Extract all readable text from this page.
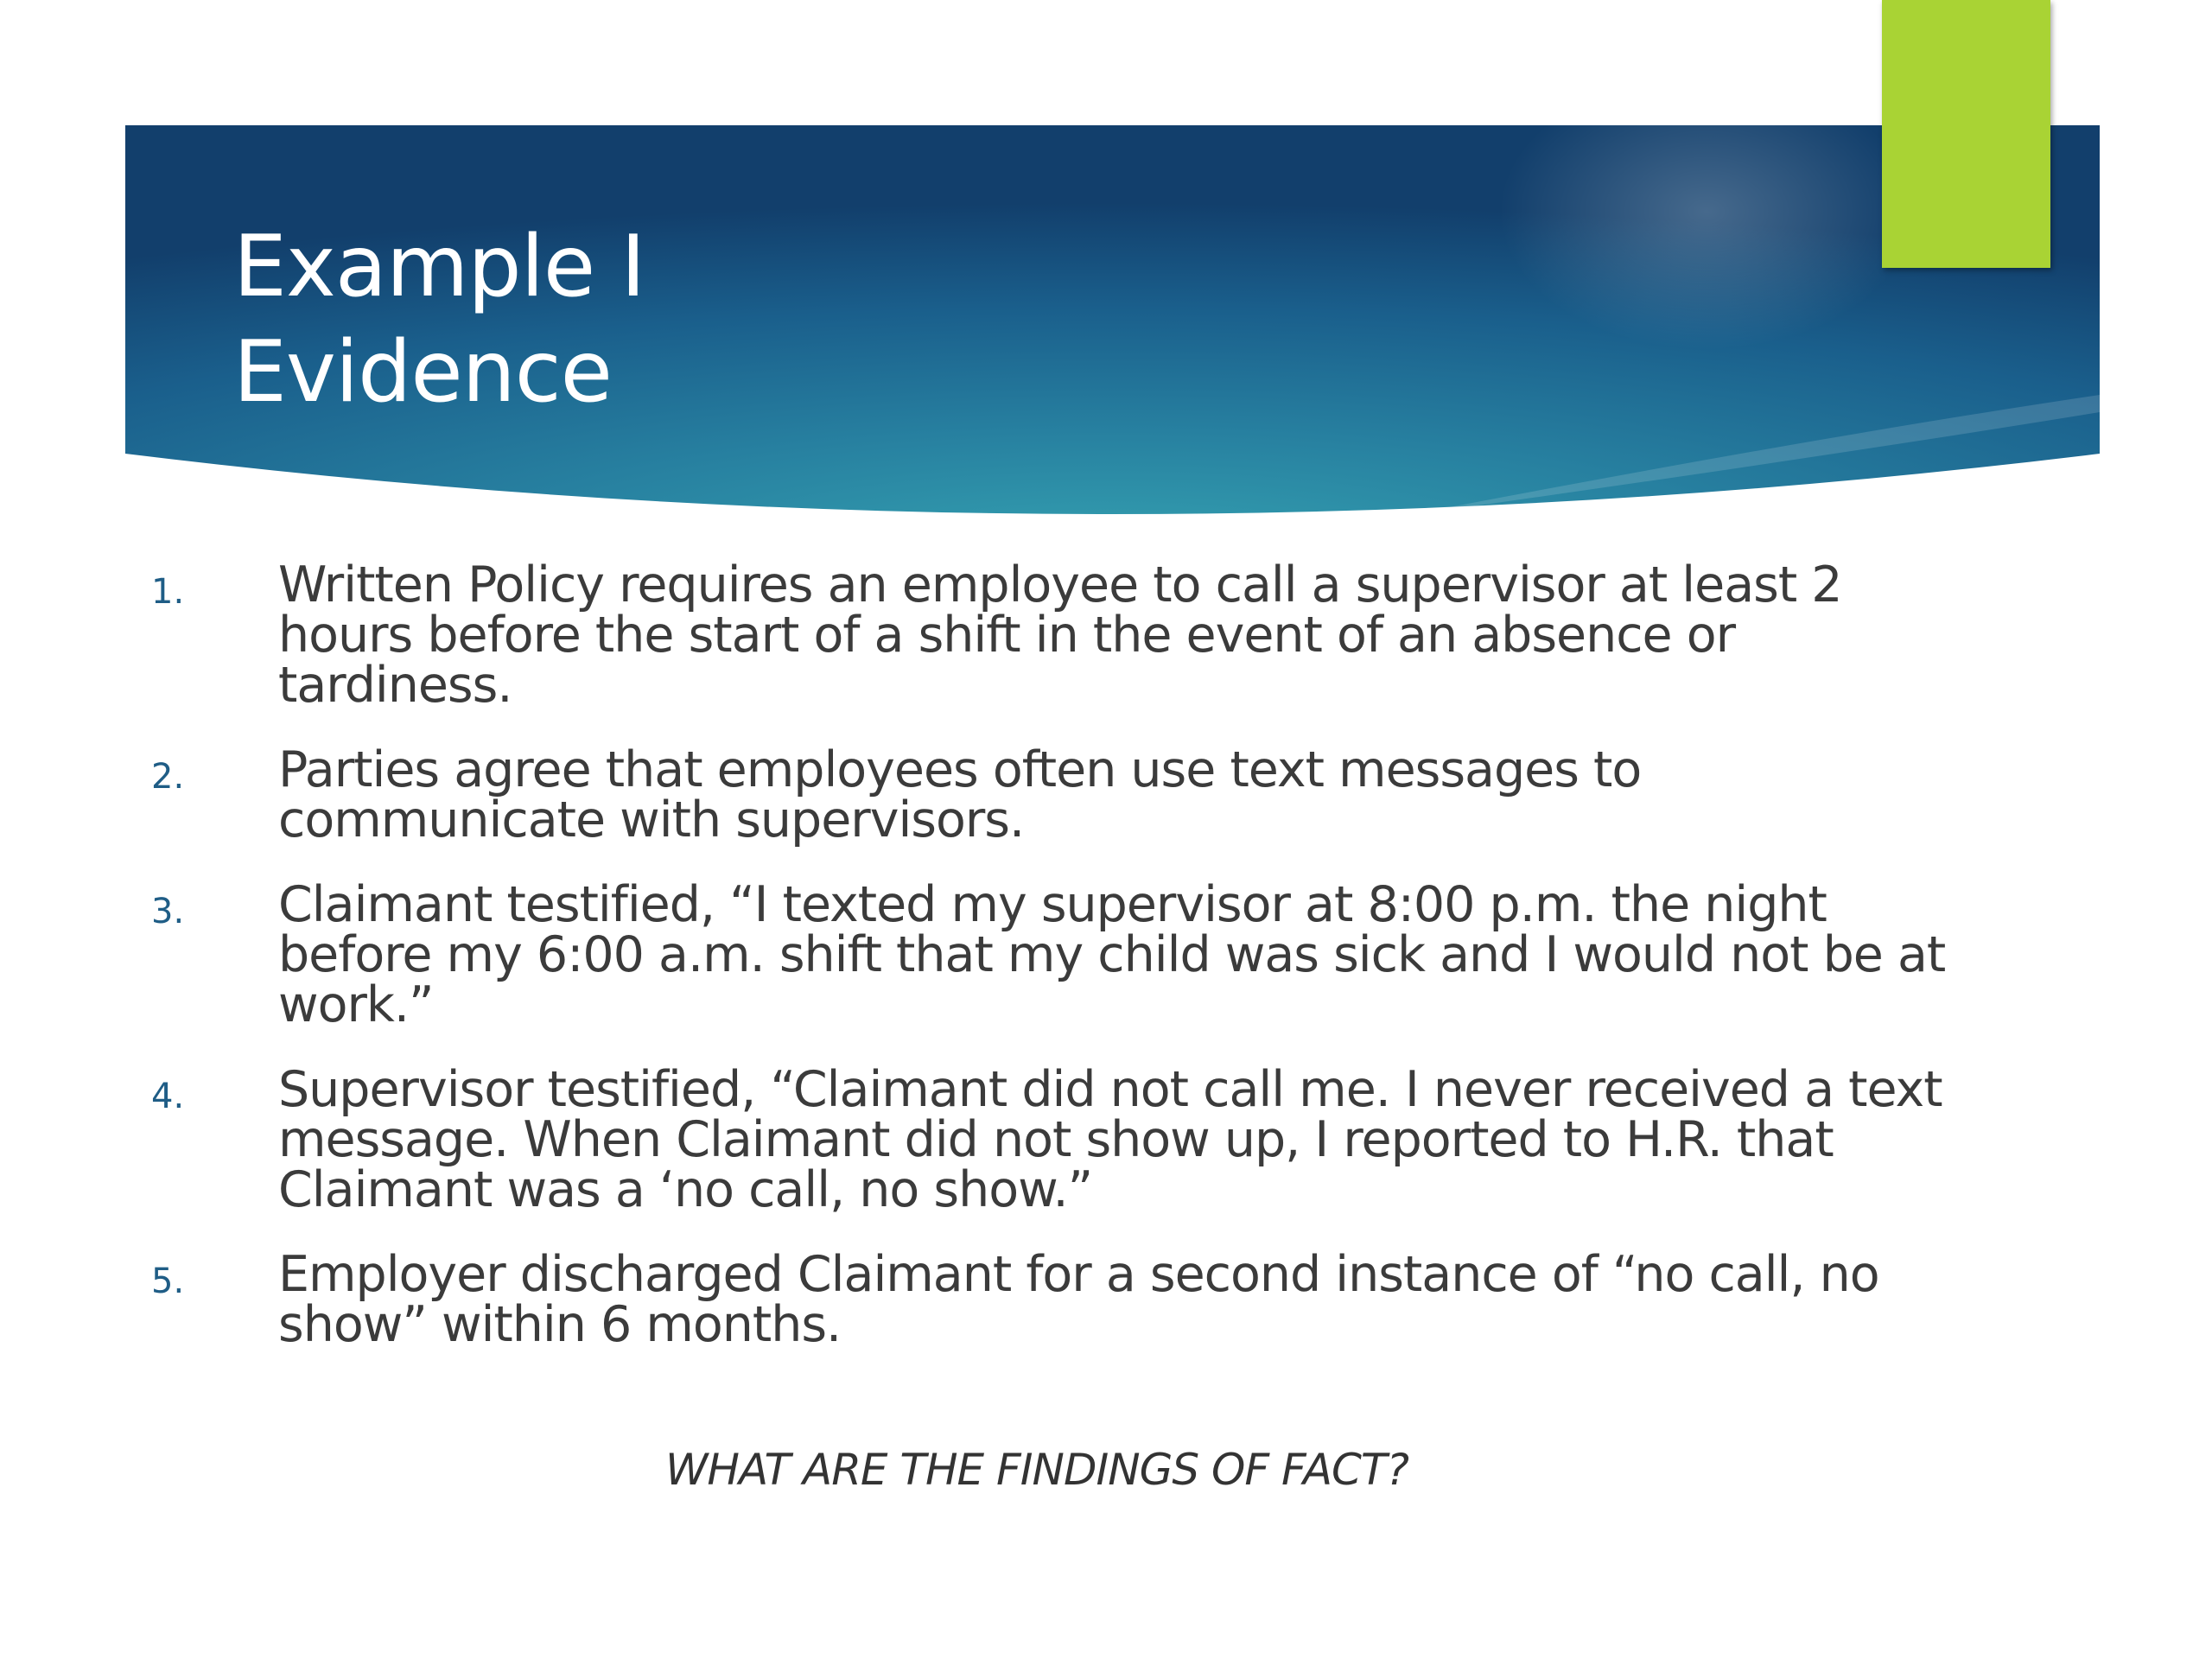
Example I
Evidence
1.	Written Policy requires an employee to call a supervisor at least 2 hours before the start of a shift in the event of an absence or tardiness.
2.	Parties agree that employees often use text messages to communicate with supervisors.
3.	Claimant testified, “I texted my supervisor at 8:00 p.m. the night before my 6:00 a.m. shift that my child was sick and I would not be at work.”
4.	Supervisor testified, “Claimant did not call me. I never received a text message. When Claimant did not show up, I reported to H.R. that Claimant was a ‘no call, no show.”
5.	Employer discharged Claimant for a second instance of “no call, no show” within 6 months.
WHAT ARE THE FINDINGS OF FACT?
